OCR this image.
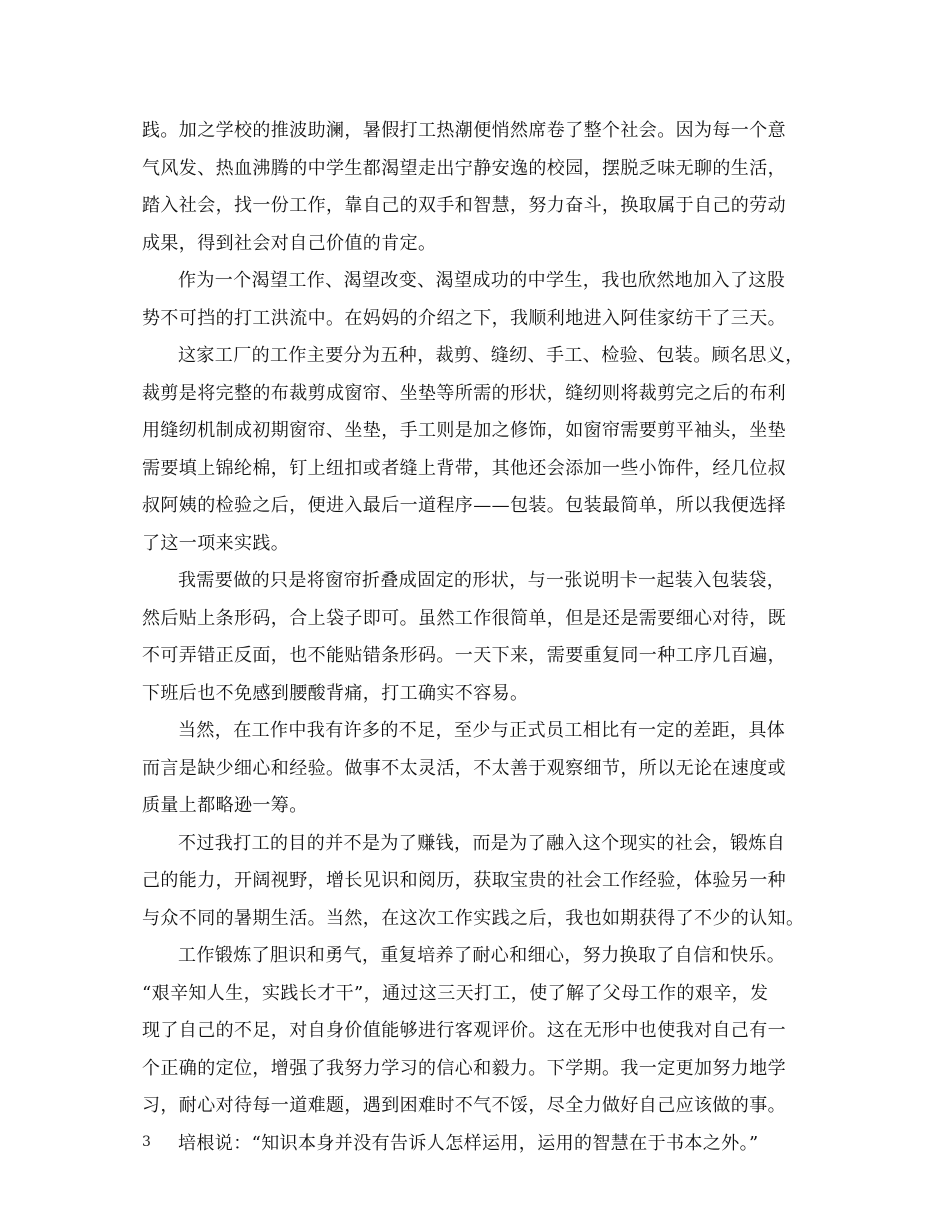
践。加之学校的推波助澜，暑假打工热潮便悄然席卷了整个社会。因为每一个意
气风发、热血沸腾的中学生都渴望走出宁静安逸的校园，摆脱乏味无聊的生活，
踏入社会，找一份工作，靠自己的双手和智慧，努力奋斗，换取属于自己的劳动
成果，得到社会对自己价值的肯定。
作为一个渴望工作、渴望改变、渴望成功的中学生，我也欣然地加入了这股
势不可挡的打工洪流中。在妈妈的介绍之下，我顺利地进入阿佳家纺干了三天。
这家工厂的工作主要分为五种，裁剪、缝纫、手工、检验、包装。顾名思义，
裁剪是将完整的布裁剪成窗帘、坐垫等所需的形状，缝纫则将裁剪完之后的布利
用缝纫机制成初期窗帘、坐垫，手工则是加之修饰，如窗帘需要剪平袖头，坐垫
需要填上锦纶棉，钉上纽扣或者缝上背带，其他还会添加一些小饰件，经几位叔
叔阿姨的检验之后，便进入最后一道程序——包装。包装最简单，所以我便选择
了这一项来实践。
我需要做的只是将窗帘折叠成固定的形状，与一张说明卡一起装入包装袋，
然后贴上条形码，合上袋子即可。虽然工作很简单，但是还是需要细心对待，既
不可弄错正反面，也不能贴错条形码。一天下来，需要重复同一种工序几百遍，
下班后也不免感到腰酸背痛，打工确实不容易。
当然，在工作中我有许多的不足，至少与正式员工相比有一定的差距，具体
而言是缺少细心和经验。做事不太灵活，不太善于观察细节，所以无论在速度或
质量上都略逊一筹。
不过我打工的目的并不是为了赚钱，而是为了融入这个现实的社会，锻炼自
己的能力，开阔视野，增长见识和阅历，获取宝贵的社会工作经验，体验另一种
与众不同的暑期生活。当然，在这次工作实践之后，我也如期获得了不少的认知。
工作锻炼了胆识和勇气，重复培养了耐心和细心，努力换取了自信和快乐。
“艰辛知人生，实践长才干”，通过这三天打工，使了解了父母工作的艰辛，发
现了自己的不足，对自身价值能够进行客观评价。这在无形中也使我对自己有一
个正确的定位，增强了我努力学习的信心和毅力。下学期。我一定更加努力地学
习，耐心对待每一道难题，遇到困难时不气不馁，尽全力做好自己应该做的事。
培根说：“知识本身并没有告诉人怎样运用，运用的智慧在于书本之外。”
3
